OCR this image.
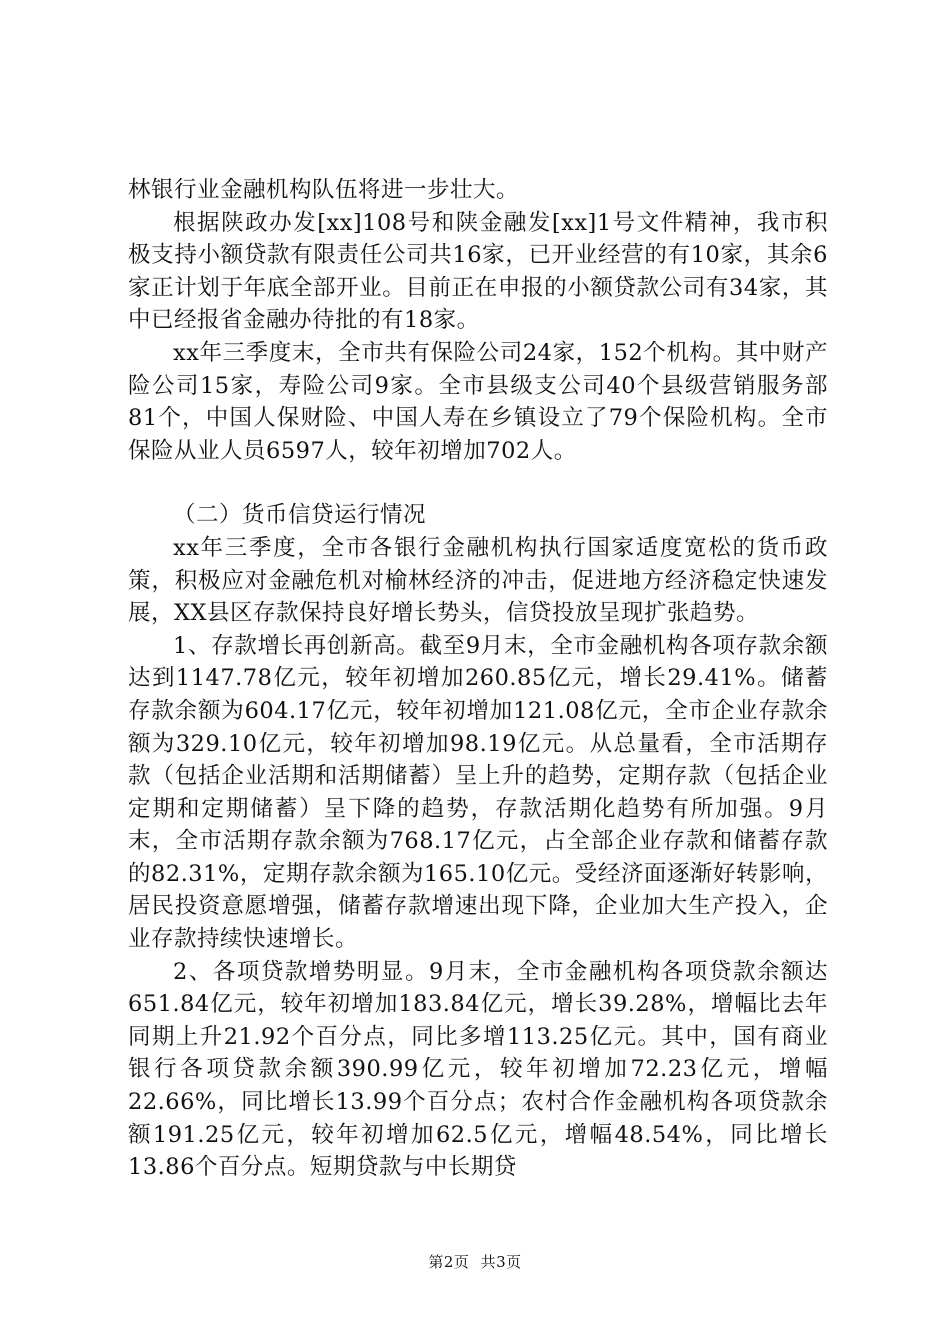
林银行业金融机构队伍将进一步壮大。

根据陕政办发[xx]108号和陕金融发[xx]1号文件精神，我市积极支持小额贷款有限责任公司共16家，已开业经营的有10家，其余6家正计划于年底全部开业。目前正在申报的小额贷款公司有34家，其中已经报省金融办待批的有18家。

xx年三季度末，全市共有保险公司24家，152个机构。其中财产险公司15家，寿险公司9家。全市县级支公司40个县级营销服务部81个，中国人保财险、中国人寿在乡镇设立了79个保险机构。全市保险从业人员6597人，较年初增加702人。

（二）货币信贷运行情况

xx年三季度，全市各银行金融机构执行国家适度宽松的货币政策，积极应对金融危机对榆林经济的冲击，促进地方经济稳定快速发展，XX县区存款保持良好增长势头，信贷投放呈现扩张趋势。

1、存款增长再创新高。截至9月末，全市金融机构各项存款余额达到1147.78亿元，较年初增加260.85亿元，增长29.41%。储蓄存款余额为604.17亿元，较年初增加121.08亿元，全市企业存款余额为329.10亿元，较年初增加98.19亿元。从总量看，全市活期存款（包括企业活期和活期储蓄）呈上升的趋势，定期存款（包括企业定期和定期储蓄）呈下降的趋势，存款活期化趋势有所加强。9月末，全市活期存款余额为768.17亿元，占全部企业存款和储蓄存款的82.31%，定期存款余额为165.10亿元。受经济面逐渐好转影响，居民投资意愿增强，储蓄存款增速出现下降，企业加大生产投入，企业存款持续快速增长。

2、各项贷款增势明显。9月末，全市金融机构各项贷款余额达651.84亿元，较年初增加183.84亿元，增长39.28%，增幅比去年同期上升21.92个百分点，同比多增113.25亿元。其中，国有商业银行各项贷款余额390.99亿元，较年初增加72.23亿元，增幅22.66%，同比增长13.99个百分点；农村合作金融机构各项贷款余额191.25亿元，较年初增加62.5亿元，增幅48.54%，同比增长13.86个百分点。短期贷款与中长期贷

第2页 共3页
